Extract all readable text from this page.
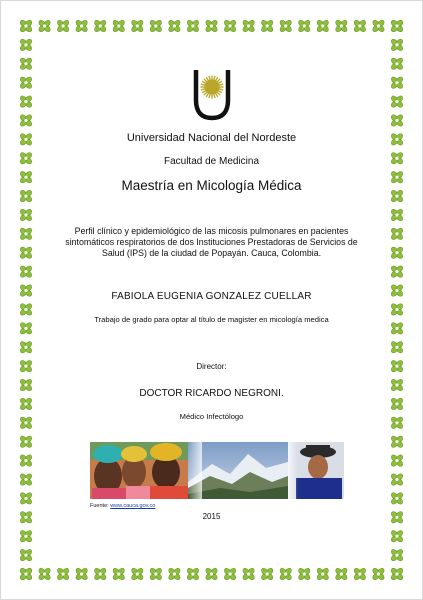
Universidad Nacional del Nordeste

Facultad de Medicina

Maestría en Micología Médica

Perfil clínico y epidemiológico de las micosis pulmonares en pacientes sintomáticos respiratorios de dos Instituciones Prestadoras de Servicios de Salud (IPS) de la ciudad de Popayán. Cauca, Colombia.

FABIOLA EUGENIA GONZALEZ CUELLAR

Trabajo de grado para optar al título de magister en micología medica

Director:

DOCTOR RICARDO NEGRONI.

Médico Infectólogo

Fuente: www.cauca.gov.co

2015
